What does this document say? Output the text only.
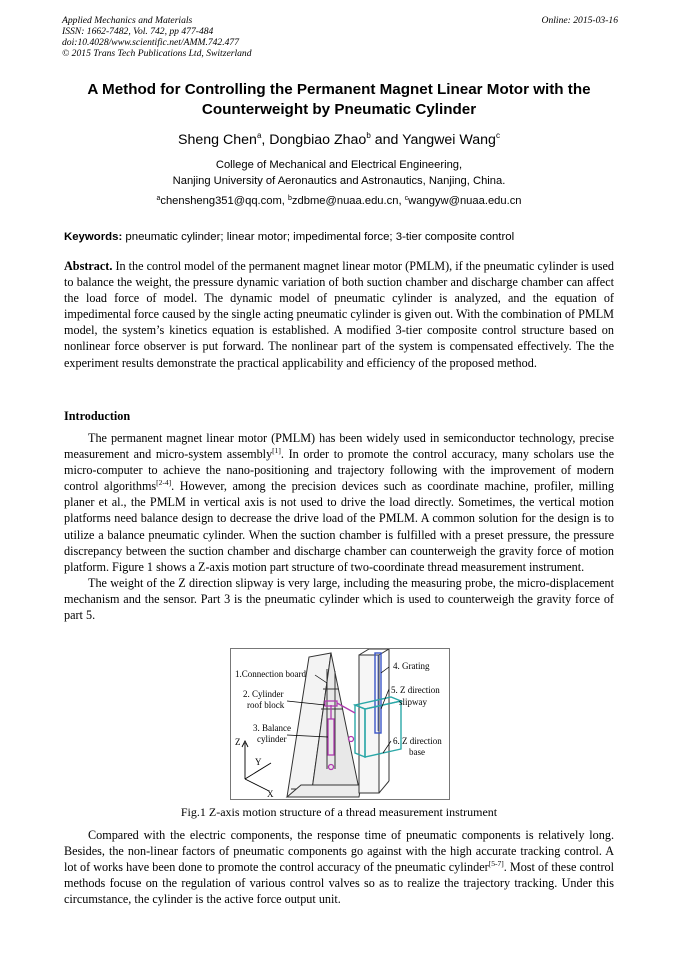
Applied Mechanics and Materials
ISSN: 1662-7482, Vol. 742, pp 477-484
doi:10.4028/www.scientific.net/AMM.742.477
© 2015 Trans Tech Publications Ltd, Switzerland
Online: 2015-03-16
A Method for Controlling the Permanent Magnet Linear Motor with the
Counterweight by Pneumatic Cylinder
Sheng Chen$^a$, Dongbiao Zhao$^b$ and Yangwei Wang$^c$
College of Mechanical and Electrical Engineering,
Nanjing University of Aeronautics and Astronautics, Nanjing, China.
$^a$chensheng351@qq.com, $^b$zdbme@nuaa.edu.cn, $^c$wangyw@nuaa.edu.cn
Keywords: pneumatic cylinder; linear motor; impedimental force; 3-tier composite control
Abstract. In the control model of the permanent magnet linear motor (PMLM), if the pneumatic cylinder is used to balance the weight, the pressure dynamic variation of both suction chamber and discharge chamber can affect the load force of model. The dynamic model of pneumatic cylinder is analyzed, and the equation of impedimental force caused by the single acting pneumatic cylinder is given out. With the combination of PMLM model, the system’s kinetics equation is established. A modified 3-tier composite control structure based on nonlinear force observer is put forward. The nonlinear part of the system is compensated effectively. The the experiment results demonstrate the practical applicability and efficiency of the proposed method.
Introduction

The permanent magnet linear motor (PMLM) has been widely used in semiconductor technology, precise measurement and micro-system assembly[1]. In order to promote the control accuracy, many scholars use the micro-computer to achieve the nano-positioning and trajectory following with the improvement of modern control algorithms[2-4]. However, among the precision devices such as coordinate machine, profiler, milling planer et al., the PMLM in vertical axis is not used to drive the load directly. Sometimes, the vertical motion platforms need balance design to decrease the drive load of the PMLM. A common solution for the design is to utilize a balance pneumatic cylinder. When the suction chamber is fulfilled with a preset pressure, the pressure discrepancy between the suction chamber and discharge chamber can counterweigh the gravity force of motion platform. Figure 1 shows a Z-axis motion part structure of two-coordinate thread measurement instrument.

The weight of the Z direction slipway is very large, including the measuring probe, the micro-displacement mechanism and the sensor. Part 3 is the pneumatic cylinder which is used to counterweigh the gravity force of part 5.

1.Connection board
2. Cylinder
roof block
3. Balance
cylinder
4. Grating
5. Z direction
slipway
6. Z direction
base
Z
Y
X
Fig.1 Z-axis motion structure of a thread measurement instrument

Compared with the electric components, the response time of pneumatic components is relatively long. Besides, the non-linear factors of pneumatic components go against with the high accurate tracking control. A lot of works have been done to promote the control accuracy of the pneumatic cylinder[5-7]. Most of these control methods focuse on the regulation of various control valves so as to realize the trajectory tracking. Under this circumstance, the cylinder is the active force output unit.
